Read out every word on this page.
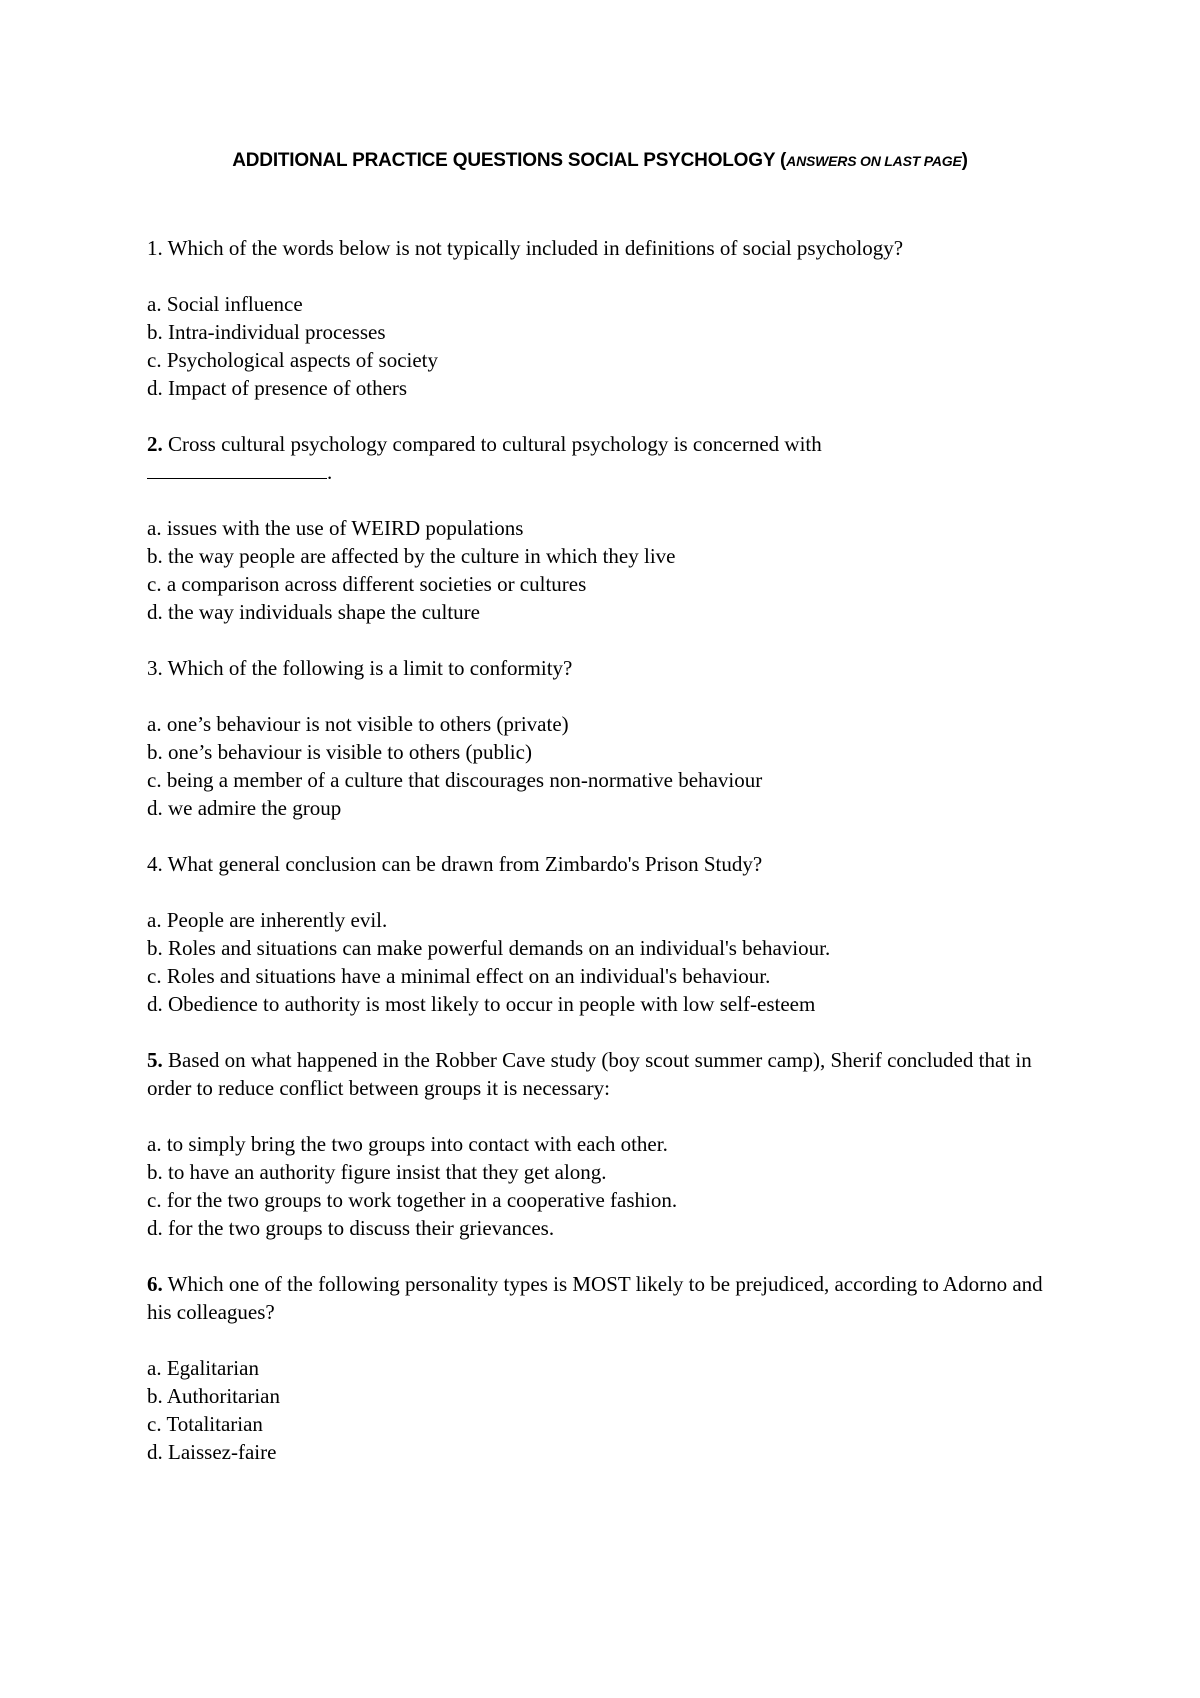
ADDITIONAL PRACTICE QUESTIONS SOCIAL PSYCHOLOGY (ANSWERS ON LAST PAGE)
1. Which of the words below is not typically included in definitions of social psychology?
a. Social influence
b. Intra-individual processes
c. Psychological aspects of society
d. Impact of presence of others
2. Cross cultural psychology compared to cultural psychology is concerned with
.
a. issues with the use of WEIRD populations
b. the way people are affected by the culture in which they live
c. a comparison across different societies or cultures
d. the way individuals shape the culture
3. Which of the following is a limit to conformity?
a. one’s behaviour is not visible to others (private)
b. one’s behaviour is visible to others (public)
c. being a member of a culture that discourages non-normative behaviour
d. we admire the group
4. What general conclusion can be drawn from Zimbardo's Prison Study?
a. People are inherently evil.
b. Roles and situations can make powerful demands on an individual's behaviour.
c. Roles and situations have a minimal effect on an individual's behaviour.
d. Obedience to authority is most likely to occur in people with low self-esteem
5. Based on what happened in the Robber Cave study (boy scout summer camp), Sherif concluded that in order to reduce conflict between groups it is necessary:
a. to simply bring the two groups into contact with each other.
b. to have an authority figure insist that they get along.
c. for the two groups to work together in a cooperative fashion.
d. for the two groups to discuss their grievances.
6. Which one of the following personality types is MOST likely to be prejudiced, according to Adorno and his colleagues?
a. Egalitarian
b. Authoritarian
c. Totalitarian
d. Laissez-faire
